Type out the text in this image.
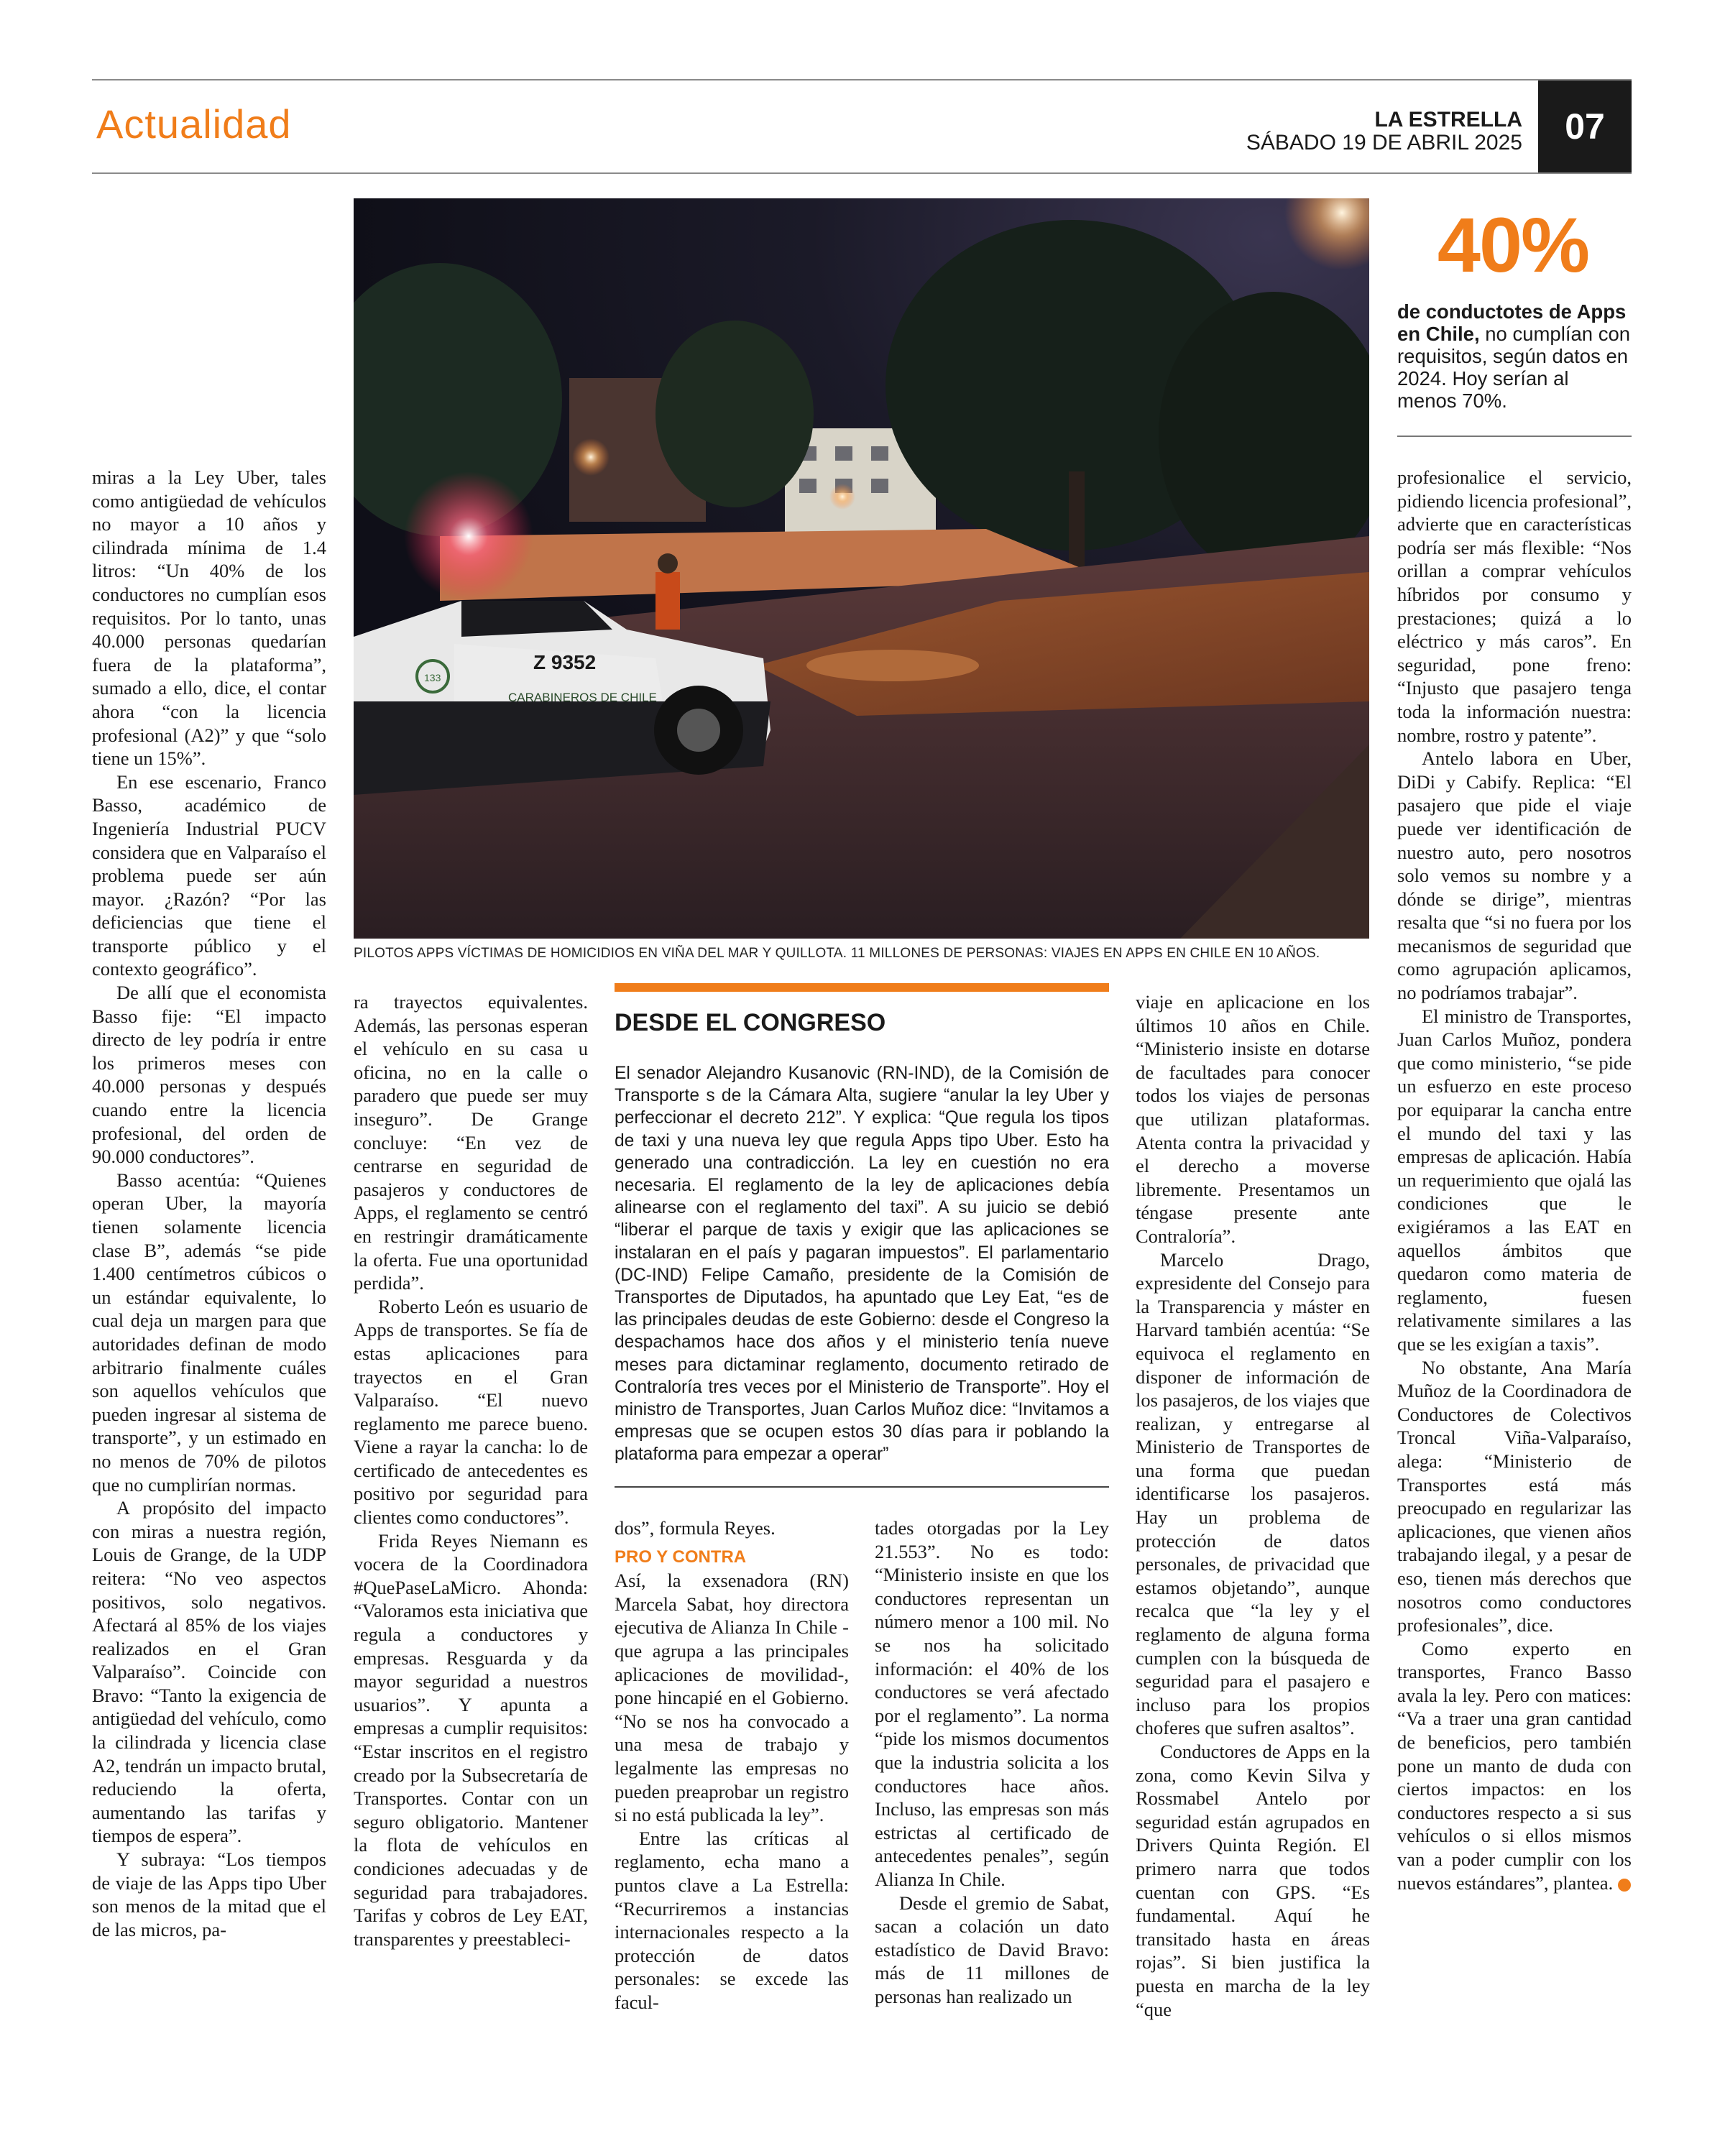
Actualidad	LA ESTRELLA
SÁBADO 19 DE ABRIL 2025	07
133
Z 9352
CARABINEROS DE CHILE
PILOTOS APPS VÍCTIMAS DE HOMICIDIOS EN VIÑA DEL MAR Y QUILLOTA. 11 MILLONES DE PERSONAS: VIAJES EN APPS EN CHILE EN 10 AÑOS.
40%
de conductotes de Apps en Chile, no cumplían con requisitos, según datos en 2024. Hoy serían al menos 70%.

miras a la Ley Uber, tales como antigüedad de vehículos no mayor a 10 años y cilindrada mínima de 1.4 litros: “Un 40% de los conductores no cumplían esos requisitos. Por lo tanto, unas 40.000 personas quedarían fuera de la plataforma”, sumado a ello, dice, el contar ahora “con la licencia profesional (A2)” y que “solo tiene un 15%”.

En ese escenario, Franco Basso, académico de Ingeniería Industrial PUCV considera que en Valparaíso el problema puede ser aún mayor. ¿Razón? “Por las deficiencias que tiene el transporte público y el contexto geográfico”.

De allí que el economista Basso fije: “El impacto directo de ley podría ir entre los primeros meses con 40.000 personas y después cuando entre la licencia profesional, del orden de 90.000 conductores”.

Basso acentúa: “Quienes operan Uber, la mayoría tienen solamente licencia clase B”, además “se pide 1.400 centímetros cúbicos o un estándar equivalente, lo cual deja un margen para que autoridades definan de modo arbitrario finalmente cuáles son aquellos vehículos que pueden ingresar al sistema de transporte”, y un estimado en no menos de 70% de pilotos que no cumplirían normas.

A propósito del impacto con miras a nuestra región, Louis de Grange, de la UDP reitera: “No veo aspectos positivos, solo negativos. Afectará al 85% de los viajes realizados en el Gran Valparaíso”. Coincide con Bravo: “Tanto la exigencia de antigüedad del vehículo, como la cilindrada y licencia clase A2, tendrán un impacto brutal, reduciendo la oferta, aumentando las tarifas y tiempos de espera”.

Y subraya: “Los tiempos de viaje de las Apps tipo Uber son menos de la mitad que el de las micros, pa-

ra trayectos equivalentes. Además, las personas esperan el vehículo en su casa u oficina, no en la calle o paradero que puede ser muy inseguro”. De Grange concluye: “En vez de centrarse en seguridad de pasajeros y conductores de Apps, el reglamento se centró en restringir dramáticamente la oferta. Fue una oportunidad perdida”.

Roberto León es usuario de Apps de transportes. Se fía de estas aplicaciones para trayectos en el Gran Valparaíso. “El nuevo reglamento me parece bueno. Viene a rayar la cancha: lo de certificado de antecedentes es positivo por seguridad para clientes como conductores”.

Frida Reyes Niemann es vocera de la Coordinadora #QuePaseLaMicro. Ahonda: “Valoramos esta iniciativa que regula a conductores y empresas. Resguarda y da mayor seguridad a nuestros usuarios”. Y apunta a empresas a cumplir requisitos: “Estar inscritos en el registro creado por la Subsecretaría de Transportes. Contar con un seguro obligatorio. Mantener la flota de vehículos en condiciones adecuadas y de seguridad para trabajadores. Tarifas y cobros de Ley EAT, transparentes y preestableci-

DESDE EL CONGRESO
El senador Alejandro Kusanovic (RN-IND), de la Comisión de Transporte s de la Cámara Alta, sugiere “anular la ley Uber y perfeccionar el decreto 212”. Y explica: “Que regula los tipos de taxi y una nueva ley que regula Apps tipo Uber. Esto ha generado una contradicción. La ley en cuestión no era necesaria. El reglamento de la ley de aplicaciones debía alinearse con el reglamento del taxi”. A su juicio se debió “liberar el parque de taxis y exigir que las aplicaciones se instalaran en el país y pagaran impuestos”. El parlamentario (DC-IND) Felipe Camaño, presidente de la Comisión de Transportes de Diputados, ha apuntado que Ley Eat, “es de las principales deudas de este Gobierno: desde el Congreso la despachamos hace dos años y el ministerio tenía nueve meses para dictaminar reglamento, documento retirado de Contraloría tres veces por el Ministerio de Transporte”. Hoy el ministro de Transportes, Juan Carlos Muñoz dice: “Invitamos a empresas que se ocupen estos 30 días para ir poblando la plataforma para empezar a operar”

dos”, formula Reyes.

PRO Y CONTRA

Así, la exsenadora (RN) Marcela Sabat, hoy directora ejecutiva de Alianza In Chile -que agrupa a las principales aplicaciones de movilidad-, pone hincapié en el Gobierno. “No se nos ha convocado a una mesa de trabajo y legalmente las empresas no pueden preaprobar un registro si no está publicada la ley”.

Entre las críticas al reglamento, echa mano a puntos clave a La Estrella: “Recurriremos a instancias internacionales respecto a la protección de datos personales: se excede las facul-

tades otorgadas por la Ley 21.553”. No es todo: “Ministerio insiste en que los conductores representan un número menor a 100 mil. No se nos ha solicitado información: el 40% de los conductores se verá afectado por el reglamento”. La norma “pide los mismos documentos que la industria solicita a los conductores hace años. Incluso, las empresas son más estrictas al certificado de antecedentes penales”, según Alianza In Chile.

Desde el gremio de Sabat, sacan a colación un dato estadístico de David Bravo: más de 11 millones de personas han realizado un

viaje en aplicacione en los últimos 10 años en Chile. “Ministerio insiste en dotarse de facultades para conocer todos los viajes de personas que utilizan plataformas. Atenta contra la privacidad y el derecho a moverse libremente. Presentamos un téngase presente ante Contraloría”.

Marcelo Drago, expresidente del Consejo para la Transparencia y máster en Harvard también acentúa: “Se equivoca el reglamento en disponer de información de los pasajeros, de los viajes que realizan, y entregarse al Ministerio de Transportes de una forma que puedan identificarse los pasajeros. Hay un problema de protección de datos personales, de privacidad que estamos objetando”, aunque recalca que “la ley y el reglamento de alguna forma cumplen con la búsqueda de seguridad para el pasajero e incluso para los propios choferes que sufren asaltos”.

Conductores de Apps en la zona, como Kevin Silva y Rossmabel Antelo por seguridad están agrupados en Drivers Quinta Región. El primero narra que todos cuentan con GPS. “Es fundamental. Aquí he transitado hasta en áreas rojas”. Si bien justifica la puesta en marcha de la ley “que

profesionalice el servicio, pidiendo licencia profesional”, advierte que en características podría ser más flexible: “Nos orillan a comprar vehículos híbridos por consumo y prestaciones; quizá a lo eléctrico y más caros”. En seguridad, pone freno: “Injusto que pasajero tenga toda la información nuestra: nombre, rostro y patente”.

Antelo labora en Uber, DiDi y Cabify. Replica: “El pasajero que pide el viaje puede ver identificación de nuestro auto, pero nosotros solo vemos su nombre y a dónde se dirige”, mientras resalta que “si no fuera por los mecanismos de seguridad que como agrupación aplicamos, no podríamos trabajar”.

El ministro de Transportes, Juan Carlos Muñoz, pondera que como ministerio, “se pide un esfuerzo en este proceso por equiparar la cancha entre el mundo del taxi y las empresas de aplicación. Había un requerimiento que ojalá las condiciones que le exigiéramos a las EAT en aquellos ámbitos que quedaron como materia de reglamento, fuesen relativamente similares a las que se les exigían a taxis”.

No obstante, Ana María Muñoz de la Coordinadora de Conductores de Colectivos Troncal Viña-Valparaíso, alega: “Ministerio de Transportes está más preocupado en regularizar las aplicaciones, que vienen años trabajando ilegal, y a pesar de eso, tienen más derechos que nosotros como conductores profesionales”, dice.

Como experto en transportes, Franco Basso avala la ley. Pero con matices: “Va a traer una gran cantidad de beneficios, pero también pone un manto de duda con ciertos impactos: en los conductores respecto a si sus vehículos o si ellos mismos van a poder cumplir con los nuevos estándares”, plantea.	✪
